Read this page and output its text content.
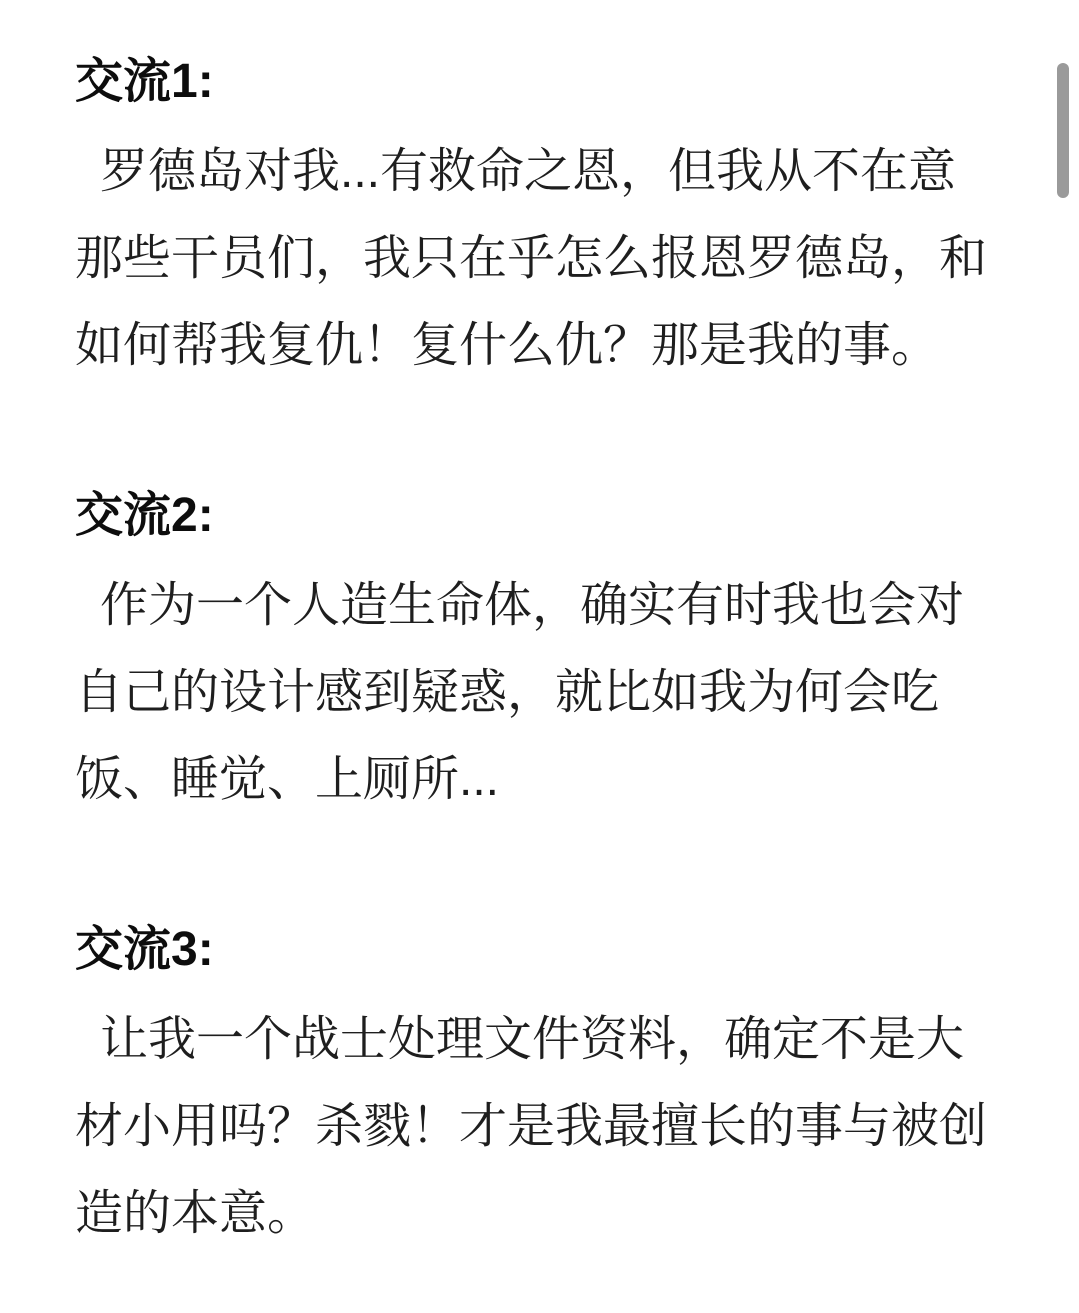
交流1:
罗德岛对我...有救命之恩，但我从不在意
那些干员们，我只在乎怎么报恩罗德岛，和
如何帮我复仇！复什么仇？那是我的事。
交流2:
作为一个人造生命体，确实有时我也会对
自己的设计感到疑惑，就比如我为何会吃
饭、睡觉、上厕所...
交流3:
让我一个战士处理文件资料，确定不是大
材小用吗？杀戮！才是我最擅长的事与被创
造的本意。
